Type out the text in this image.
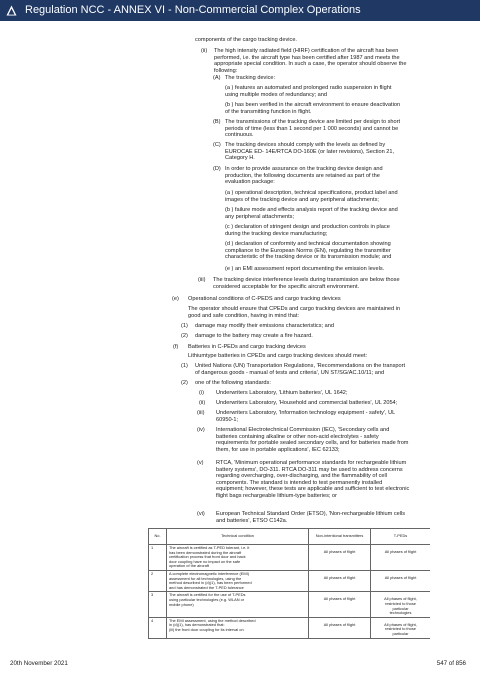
Regulation NCC - ANNEX VI - Non-Commercial Complex Operations
components of the cargo tracking device.
(ii) The high intensity radiated field (HIRF) certification of the aircraft has been
performed, i.e. the aircraft type has been certified after 1987 and meets the
appropriate special condition. In such a case, the operator should observe the
following:
(A) The tracking device:
(a ) features an automated and prolonged radio suspension in flight
using multiple modes of redundancy; and
(b ) has been verified in the aircraft environment to ensure deactivation
of the transmitting function in flight.
(B) The transmissions of the tracking device are limited per design to short
periods of time (less than 1 second per 1 000 seconds) and cannot be
continuous.
(C) The tracking devices should comply with the levels as defined by
EUROCAE ED- 14E/RTCA DO-160E (or later revisions), Section 21,
Category H.
(D) In order to provide assurance on the tracking device design and
production, the following documents are retained as part of the
evaluation package:
(a ) operational description, technical specifications, product label and
images of the tracking device and any peripheral attachments;
(b ) failure mode and effects analysis report of the tracking device and
any peripheral attachments;
(c ) declaration of stringent design and production controls in place
during the tracking device manufacturing;
(d ) declaration of conformity and technical documentation showing
compliance to the European Norms (EN), regulating the transmitter
characteristic of the tracking device or its transmission module; and
(e ) an EMI assessment report documenting the emission levels.
(iii) The tracking device interference levels during transmission are below those
considered acceptable for the specific aircraft environment.
(e) Operational conditions of C-PEDS and cargo tracking devices
The operator should ensure that CPEDs and cargo tracking devices are maintained in
good and safe condition, having in mind that:
(1) damage may modify their emissions characteristics; and
(2) damage to the battery may create a fire hazard.
(f) Batteries in C-PEDs and cargo tracking devices
Lithiumtype batteries in CPEDs and cargo tracking devices should meet:
(1) United Nations (UN) Transportation Regulations, 'Recommendations on the transport
of dangerous goods - manual of tests and criteria', UN ST/SG/AC.10/11; and
(2) one of the following standards:
(i) Underwriters Laboratory, 'Lithium batteries', UL 1642;
(ii) Underwriters Laboratory, 'Household and commercial batteries', UL 2054;
(iii) Underwriters Laboratory, 'Information technology equipment - safety', UL
60950-1;
(iv) International Electrotechnical Commission (IEC), 'Secondary cells and
batteries containing alkaline or other non-acid electrolytes - safety
requirements for portable sealed secondary cells, and for batteries made from
them, for use in portable applications', IEC 62133;
(v) RTCA, 'Minimum operational performance standards for rechargeable lithium
battery systems', DO-311. RTCA DO-311 may be used to address concerns
regarding overcharging, over-discharging, and the flammability of cell
components. The standard is intended to test permanently installed
equipment; however, these tests are applicable and sufficient to test electronic
flight bags rechargeable lithium-type batteries; or
(vi) European Technical Standard Order (ETSO), 'Non-rechargeable lithium cells
and batteries', ETSO C142a.
No.	Technical condition	Non-intentional transmitters	T-PEDs
1	The aircraft is certified as T-PED tolerant, i.e. it
has been demonstrated during the aircraft
certification process that front door and back
door coupling have no impact on the safe
operation of the aircraft	All phases of flight	All phases of flight

2	A complete electromagnetic interference (EMI)
assessment for all technologies, using the
method described in (d)(1), has been performed
and has demonstrated the T-PED tolerance	All phases of flight	All phases of flight

3	The aircraft is certified for the use of T-PEDs
using particular technologies (e.g. WLAN or
mobile phone)	All phases of flight	All phases of flight,
restricted to those
particular
technologies

4	The EMI assessment, using the method described
in (d)(1), has demonstrated that:
(iii) the front door coupling for its interval on	All phases of flight	All phases of flight,
restricted to those
particular
20th November 2021	547 of 856
